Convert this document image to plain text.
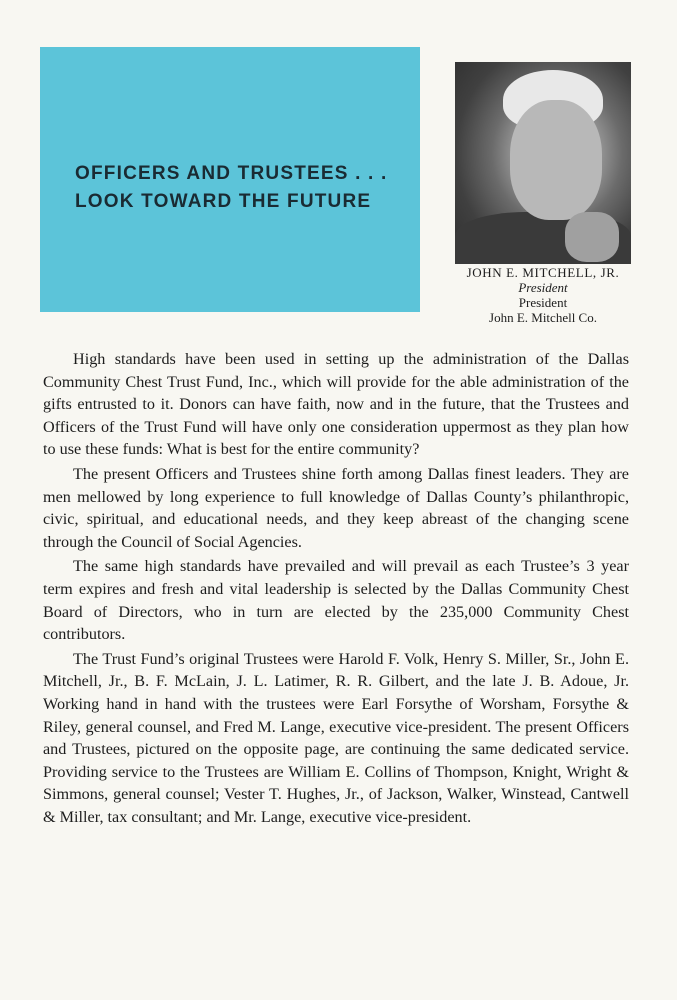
OFFICERS AND TRUSTEES . . .
LOOK TOWARD THE FUTURE
JOHN E. MITCHELL, JR.
President
President
John E. Mitchell Co.

High standards have been used in setting up the administration of the Dallas Community Chest Trust Fund, Inc., which will provide for the able administration of the gifts entrusted to it. Donors can have faith, now and in the future, that the Trustees and Officers of the Trust Fund will have only one consideration uppermost as they plan how to use these funds: What is best for the entire community?

The present Officers and Trustees shine forth among Dallas finest leaders. They are men mellowed by long experience to full knowledge of Dallas County’s philanthropic, civic, spiritual, and educational needs, and they keep abreast of the changing scene through the Council of Social Agencies.

The same high standards have prevailed and will prevail as each Trustee’s 3 year term expires and fresh and vital leadership is selected by the Dallas Community Chest Board of Directors, who in turn are elected by the 235,000 Community Chest contributors.

The Trust Fund’s original Trustees were Harold F. Volk, Henry S. Miller, Sr., John E. Mitchell, Jr., B. F. McLain, J. L. Latimer, R. R. Gilbert, and the late J. B. Adoue, Jr. Working hand in hand with the trustees were Earl Forsythe of Worsham, Forsythe & Riley, general counsel, and Fred M. Lange, executive vice-president. The present Officers and Trustees, pictured on the opposite page, are continuing the same dedicated service. Providing service to the Trustees are William E. Collins of Thompson, Knight, Wright & Simmons, general counsel; Vester T. Hughes, Jr., of Jackson, Walker, Winstead, Cantwell & Miller, tax consultant; and Mr. Lange, executive vice-president.
